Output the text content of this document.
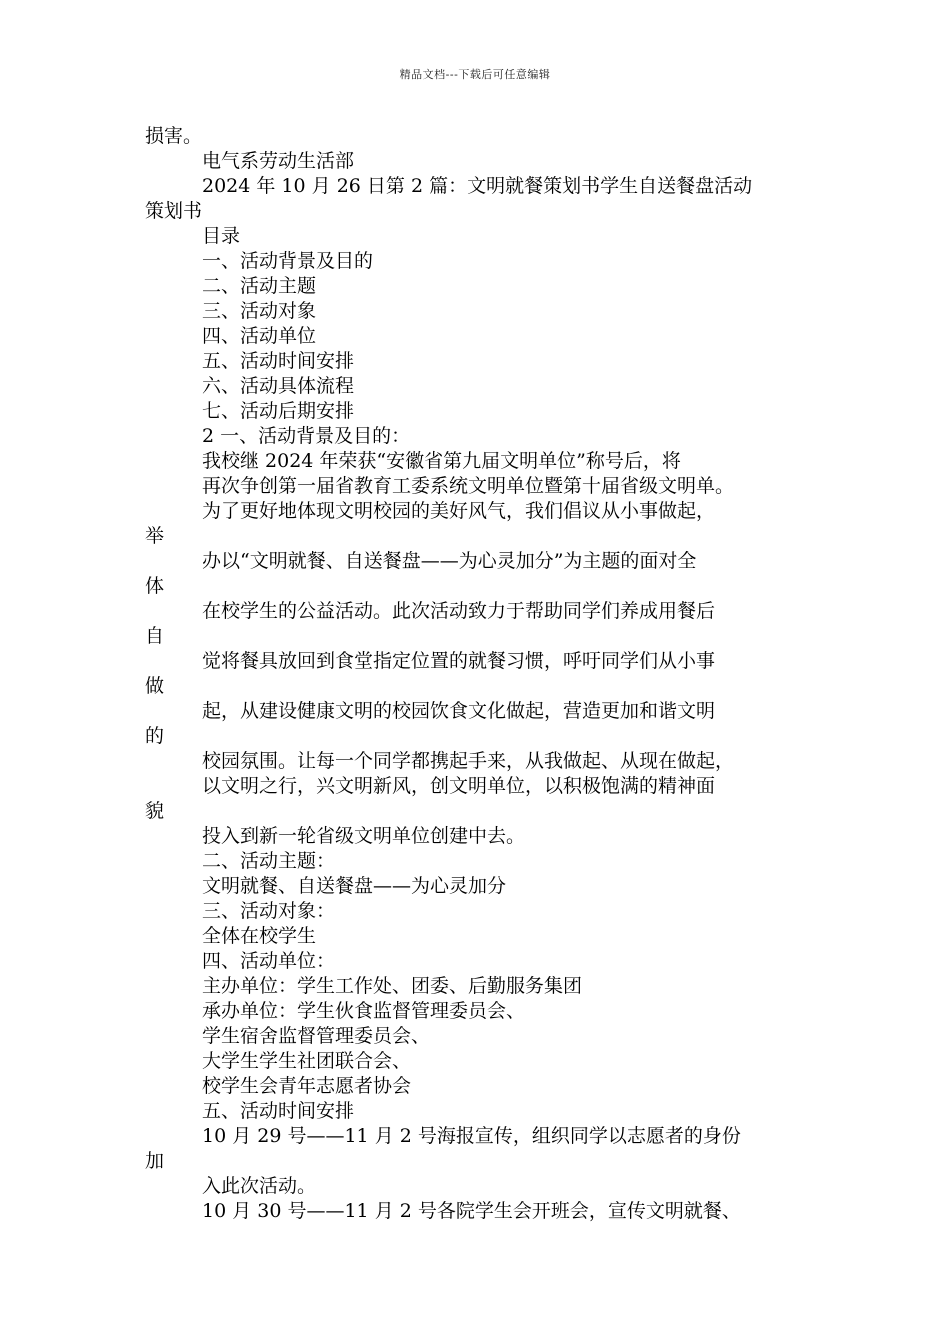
精品文档---下载后可任意编辑
损害。
电气系劳动生活部
2024 年 10 月 26 日第 2 篇：文明就餐策划书学生自送餐盘活动
策划书
目录
一、活动背景及目的
二、活动主题
三、活动对象
四、活动单位
五、活动时间安排
六、活动具体流程
七、活动后期安排
2 一、活动背景及目的：
我校继 2024 年荣获“安徽省第九届文明单位”称号后，将
再次争创第一届省教育工委系统文明单位暨第十届省级文明单。
为了更好地体现文明校园的美好风气，我们倡议从小事做起，
举
办以“文明就餐、自送餐盘——为心灵加分”为主题的面对全
体
在校学生的公益活动。此次活动致力于帮助同学们养成用餐后
自
觉将餐具放回到食堂指定位置的就餐习惯，呼吁同学们从小事
做
起，从建设健康文明的校园饮食文化做起，营造更加和谐文明
的
校园氛围。让每一个同学都携起手来，从我做起、从现在做起，
以文明之行，兴文明新风，创文明单位，以积极饱满的精神面
貌
投入到新一轮省级文明单位创建中去。
二、活动主题：
文明就餐、自送餐盘——为心灵加分
三、活动对象：
全体在校学生
四、活动单位：
主办单位：学生工作处、团委、后勤服务集团
承办单位：学生伙食监督管理委员会、
学生宿舍监督管理委员会、
大学生学生社团联合会、
校学生会青年志愿者协会
五、活动时间安排
10 月 29 号——11 月 2 号海报宣传，组织同学以志愿者的身份
加
入此次活动。
10 月 30 号——11 月 2 号各院学生会开班会，宣传文明就餐、
